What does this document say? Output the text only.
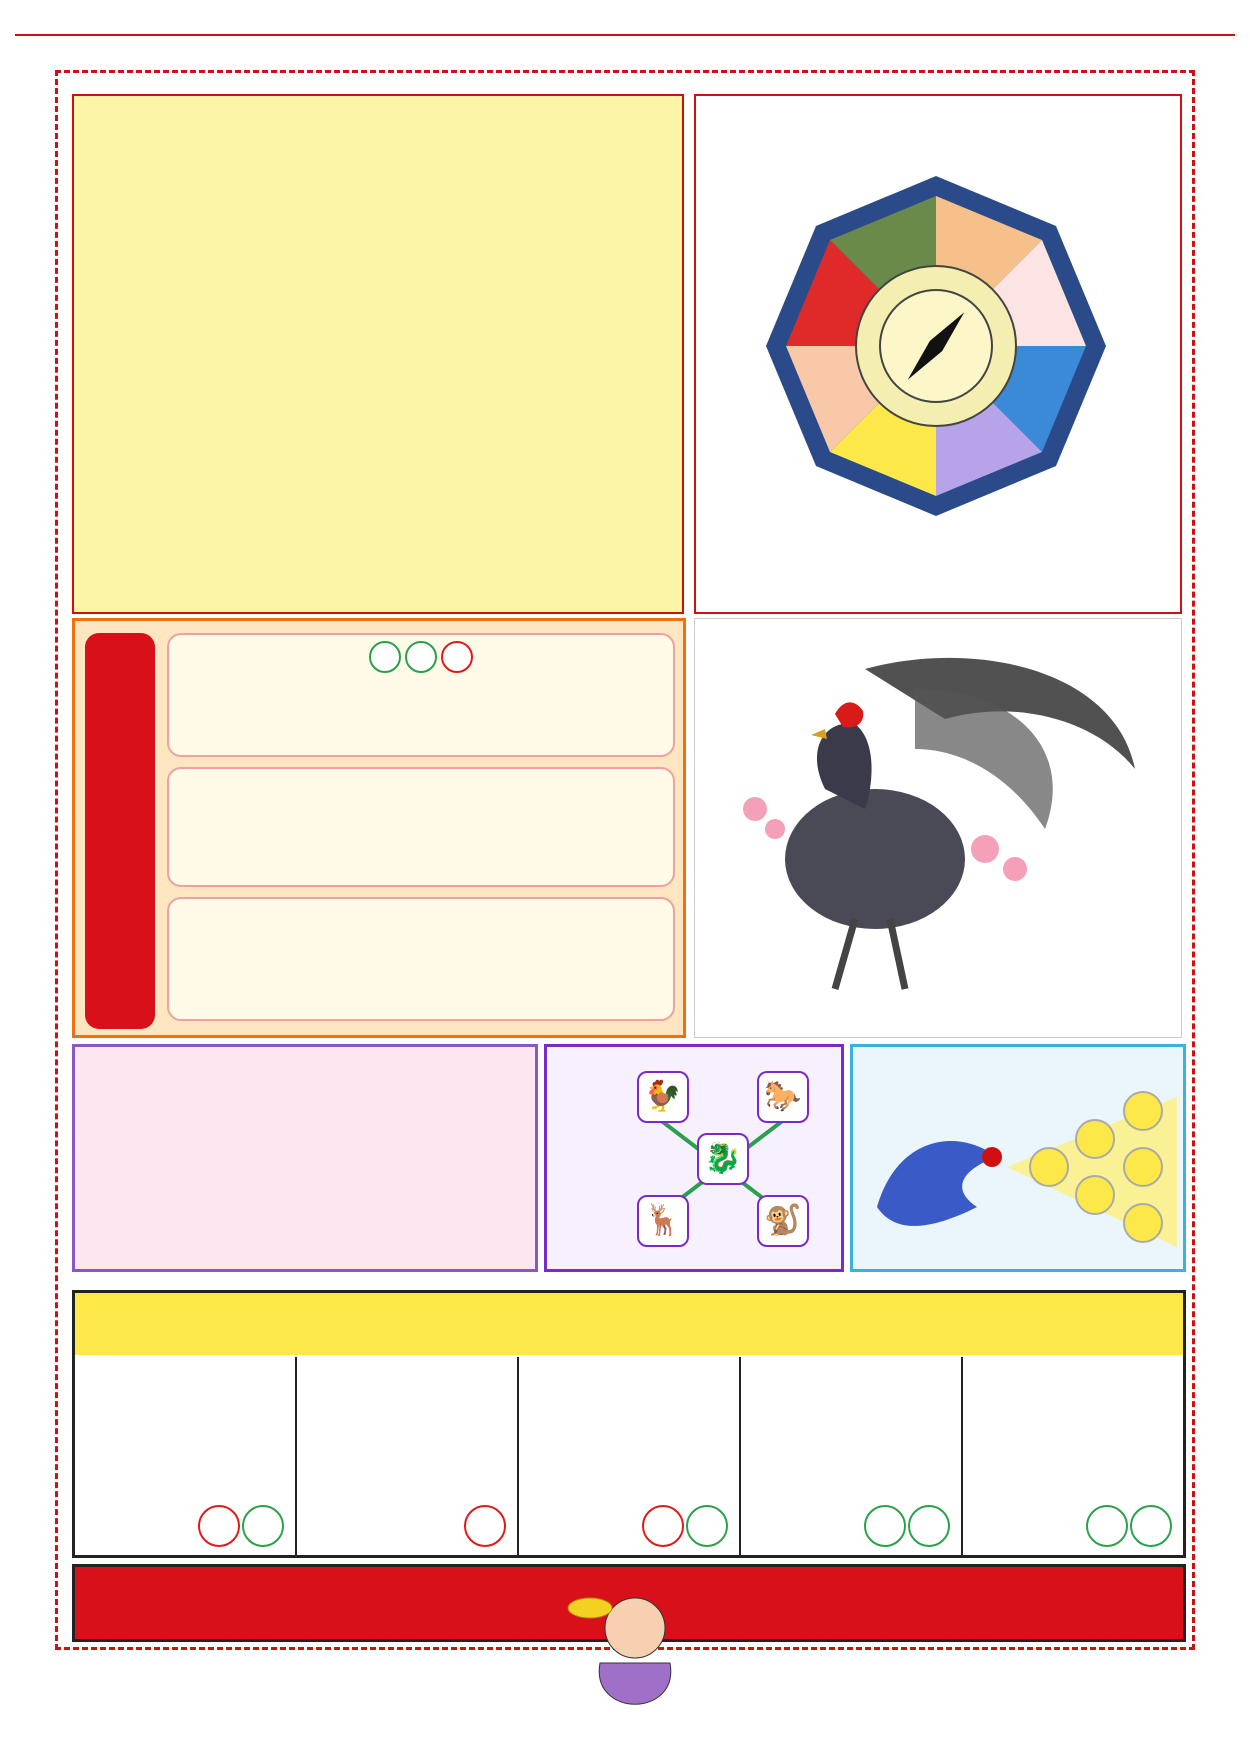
🐓	🐎
🐉
🦌	🐒
